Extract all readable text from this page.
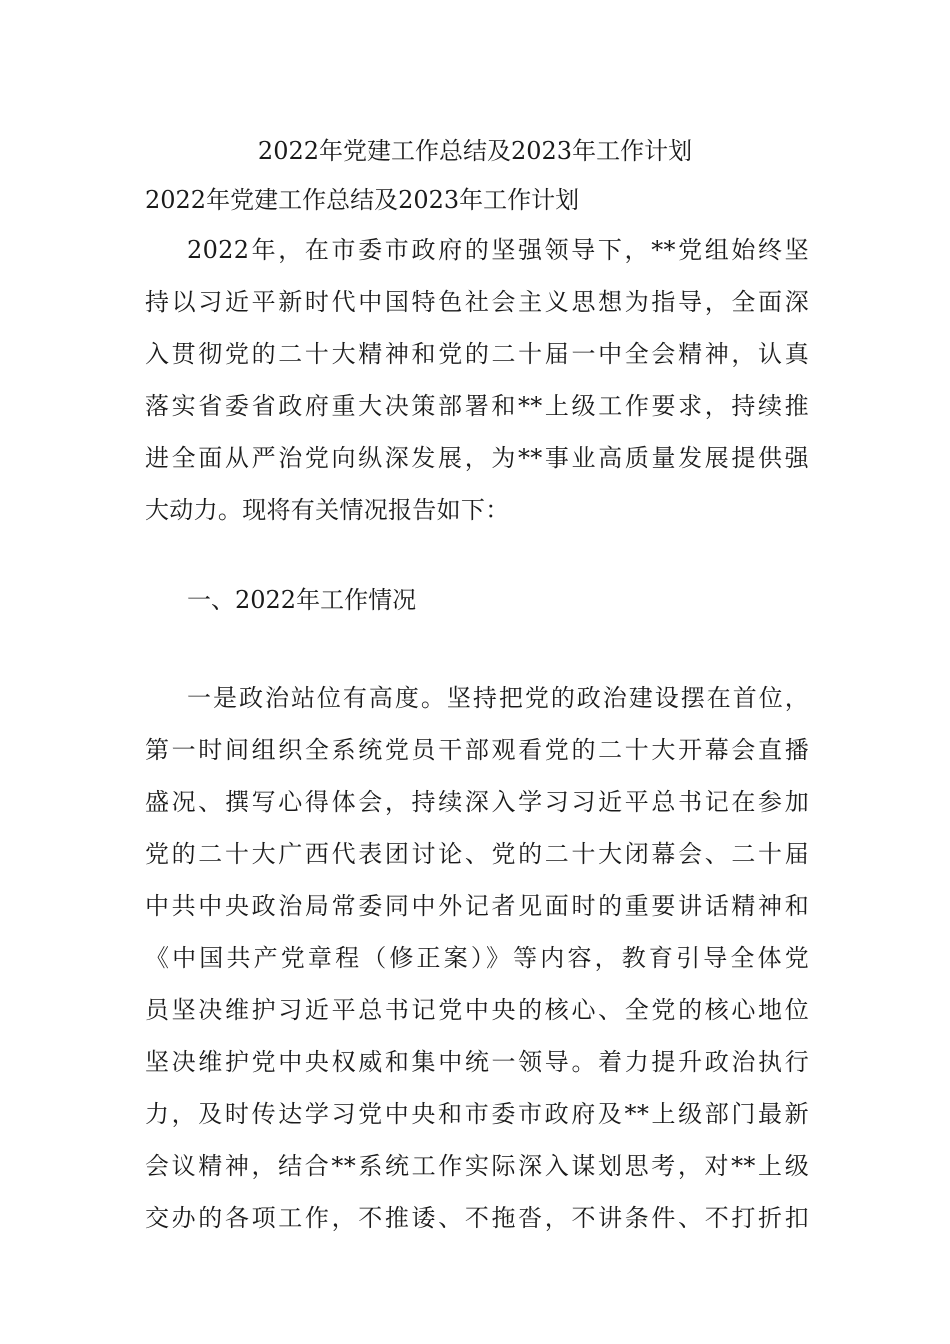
2022年党建工作总结及2023年工作计划
2022年党建工作总结及2023年工作计划
2022年，在市委市政府的坚强领导下，**党组始终坚
持以习近平新时代中国特色社会主义思想为指导，全面深
入贯彻党的二十大精神和党的二十届一中全会精神，认真
落实省委省政府重大决策部署和**上级工作要求，持续推
进全面从严治党向纵深发展，为**事业高质量发展提供强
大动力。现将有关情况报告如下：
一、2022年工作情况
一是政治站位有高度。坚持把党的政治建设摆在首位，
第一时间组织全系统党员干部观看党的二十大开幕会直播
盛况、撰写心得体会，持续深入学习习近平总书记在参加
党的二十大广西代表团讨论、党的二十大闭幕会、二十届
中共中央政治局常委同中外记者见面时的重要讲话精神和
《中国共产党章程（修正案）》等内容，教育引导全体党
员坚决维护习近平总书记党中央的核心、全党的核心地位
坚决维护党中央权威和集中统一领导。着力提升政治执行
力，及时传达学习党中央和市委市政府及**上级部门最新
会议精神，结合**系统工作实际深入谋划思考，对**上级
交办的各项工作，不推诿、不拖沓，不讲条件、不打折扣
